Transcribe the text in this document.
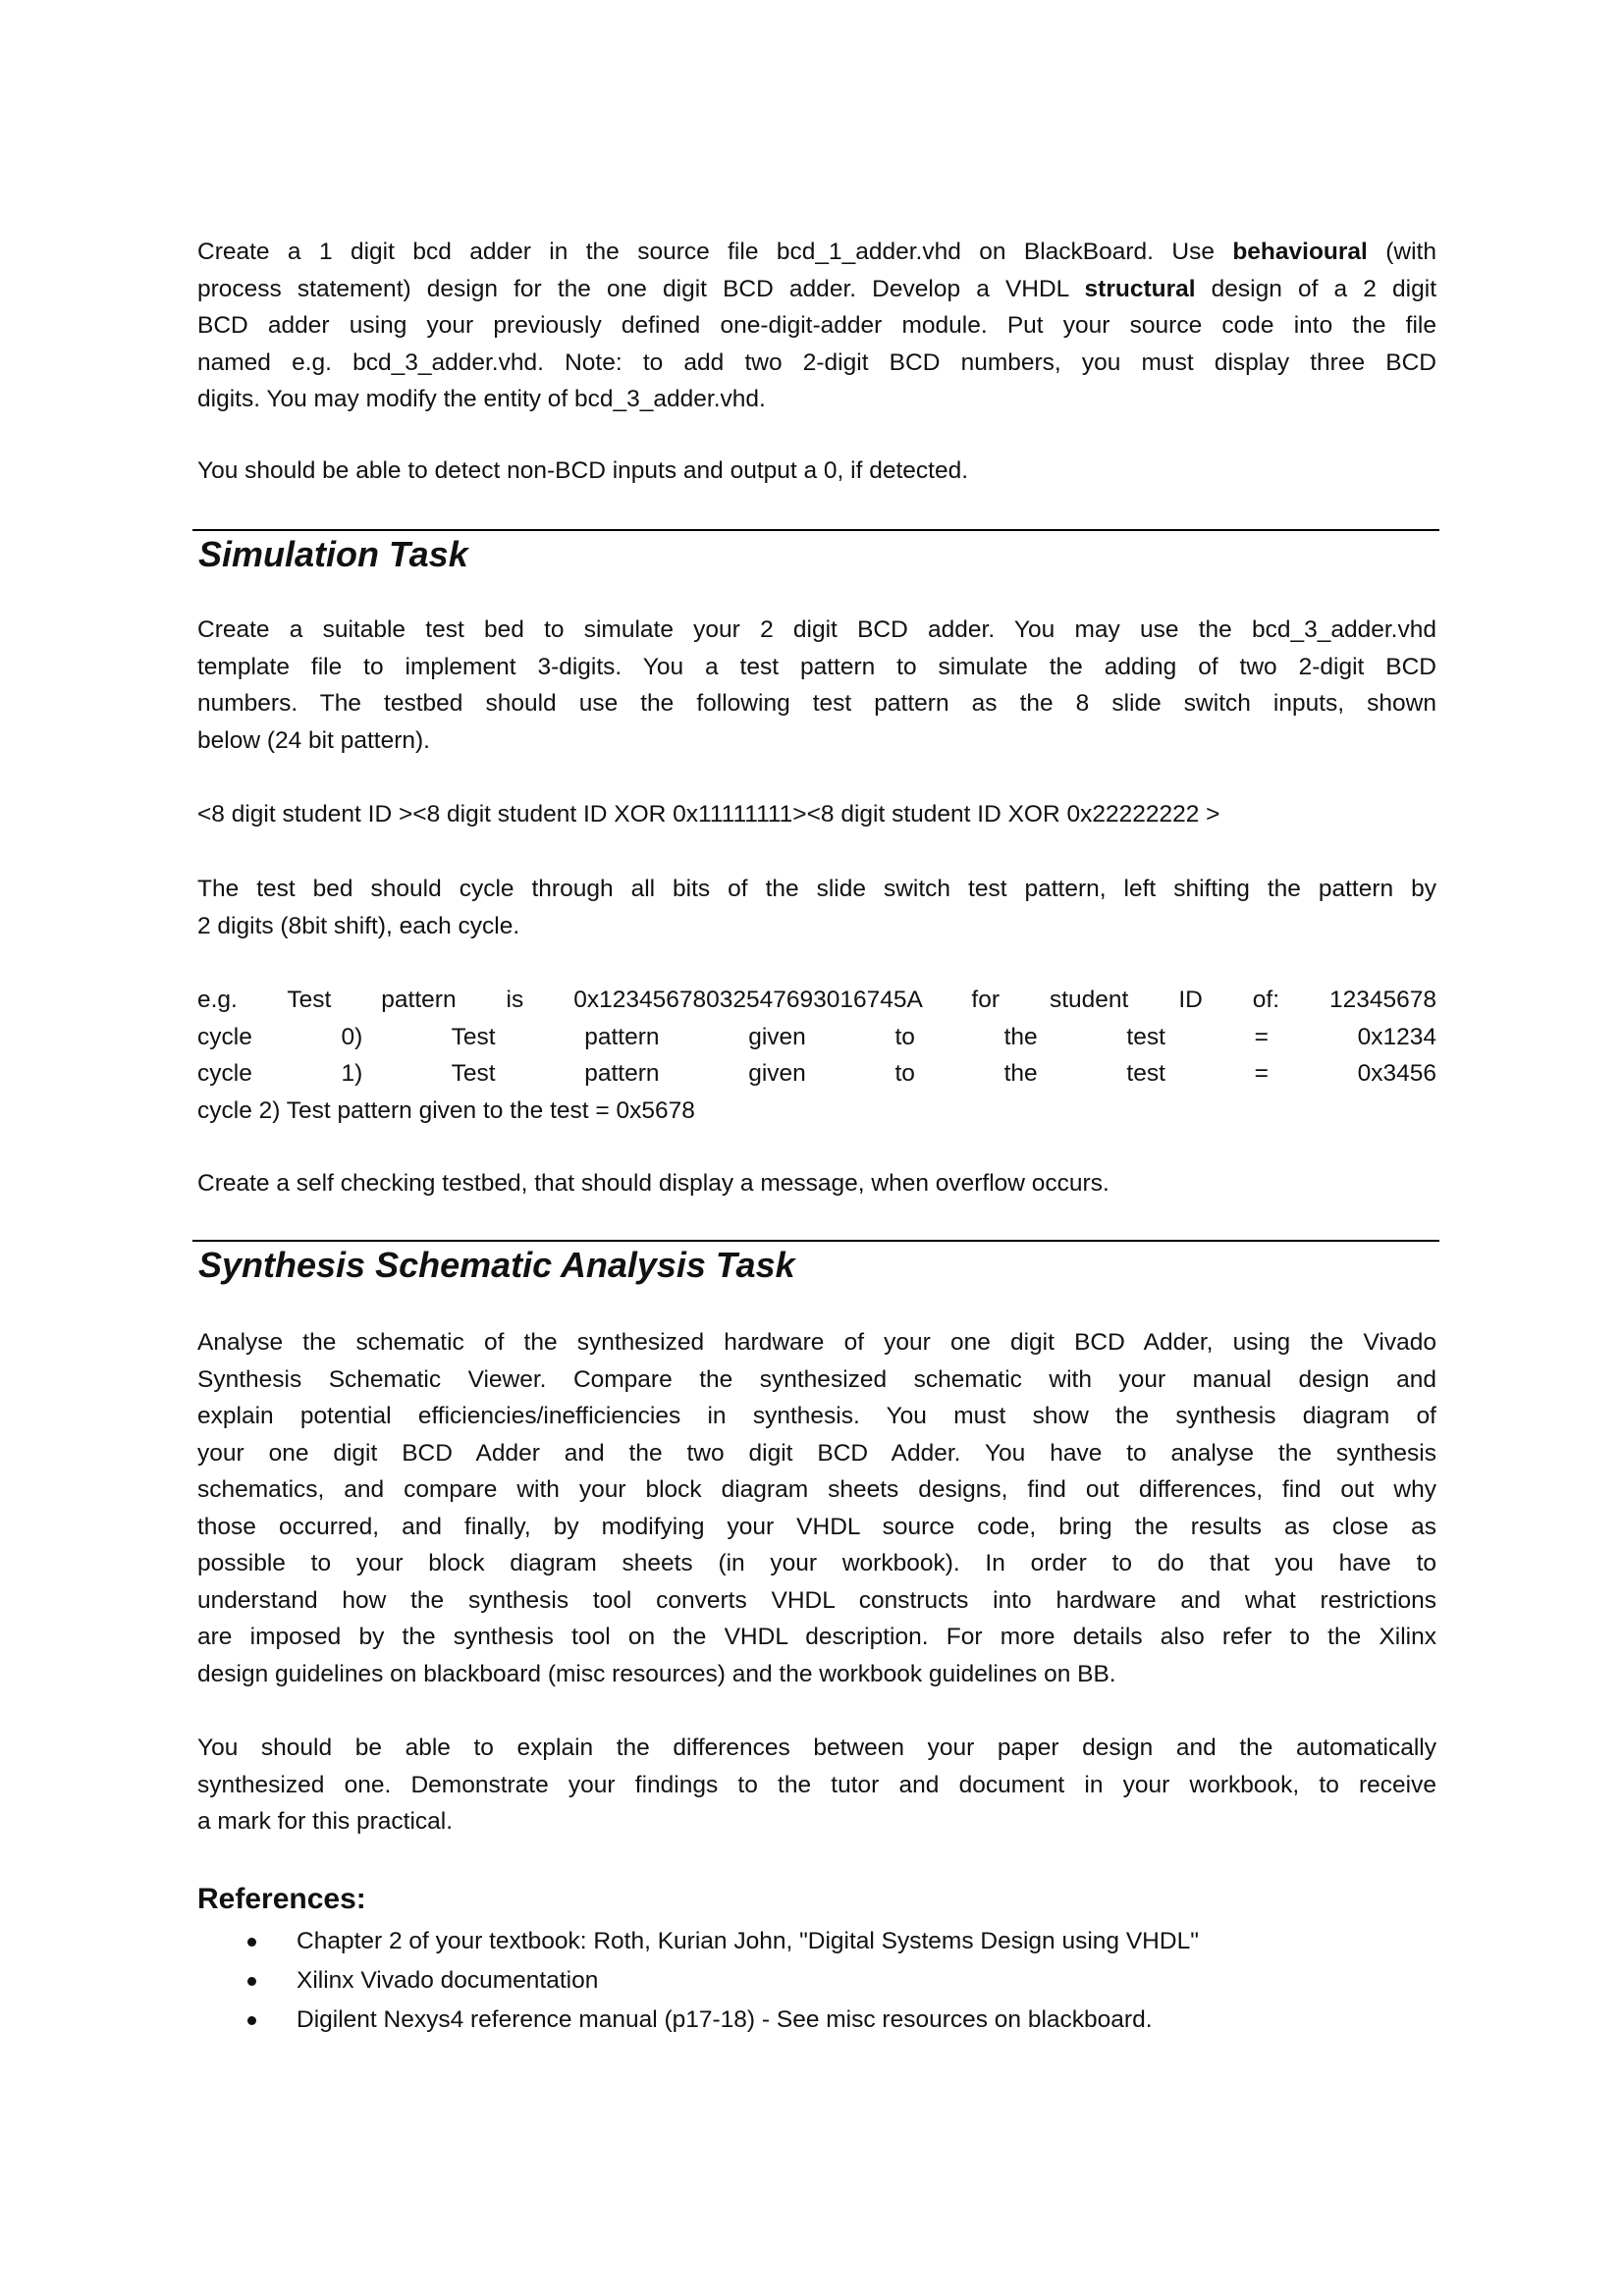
Create a 1 digit bcd adder in the source file bcd_1_adder.vhd on BlackBoard. Use behavioural (with
process statement) design for the one digit BCD adder. Develop a VHDL structural design of a 2 digit
BCD adder using your previously defined one-digit-adder module. Put your source code into the file
named e.g. bcd_3_adder.vhd. Note: to add two 2-digit BCD numbers, you must display three BCD
digits. You may modify the entity of bcd_3_adder.vhd.
You should be able to detect non-BCD inputs and output a 0, if detected.
Simulation Task
Create a suitable test bed to simulate your 2 digit BCD adder. You may use the bcd_3_adder.vhd
template file to implement 3-digits. You a test pattern to simulate the adding of two 2-digit BCD
numbers. The testbed should use the following test pattern as the 8 slide switch inputs, shown
below (24 bit pattern).
<8 digit student ID ><8 digit student ID XOR 0x11111111><8 digit student ID XOR 0x22222222 >
The test bed should cycle through all bits of the slide switch test pattern, left shifting the pattern by
2 digits (8bit shift), each cycle.
e.g. Test pattern is 0x12345678032547693016745A for student ID of: 12345678
cycle 0) Test pattern given to the test = 0x1234
cycle 1) Test pattern given to the test = 0x3456
cycle 2) Test pattern given to the test = 0x5678
Create a self checking testbed, that should display a message, when overflow occurs.
Synthesis Schematic Analysis Task
Analyse the schematic of the synthesized hardware of your one digit BCD Adder, using the Vivado
Synthesis Schematic Viewer. Compare the synthesized schematic with your manual design and
explain potential efficiencies/inefficiencies in synthesis. You must show the synthesis diagram of
your one digit BCD Adder and the two digit BCD Adder. You have to analyse the synthesis
schematics, and compare with your block diagram sheets designs, find out differences, find out why
those occurred, and finally, by modifying your VHDL source code, bring the results as close as
possible to your block diagram sheets (in your workbook). In order to do that you have to
understand how the synthesis tool converts VHDL constructs into hardware and what restrictions
are imposed by the synthesis tool on the VHDL description. For more details also refer to the Xilinx
design guidelines on blackboard (misc resources) and the workbook guidelines on BB.
You should be able to explain the differences between your paper design and the automatically
synthesized one. Demonstrate your findings to the tutor and document in your workbook, to receive
a mark for this practical.
References:
Chapter 2 of your textbook: Roth, Kurian John, "Digital Systems Design using VHDL"
Xilinx Vivado documentation
Digilent Nexys4 reference manual (p17-18) - See misc resources on blackboard.
